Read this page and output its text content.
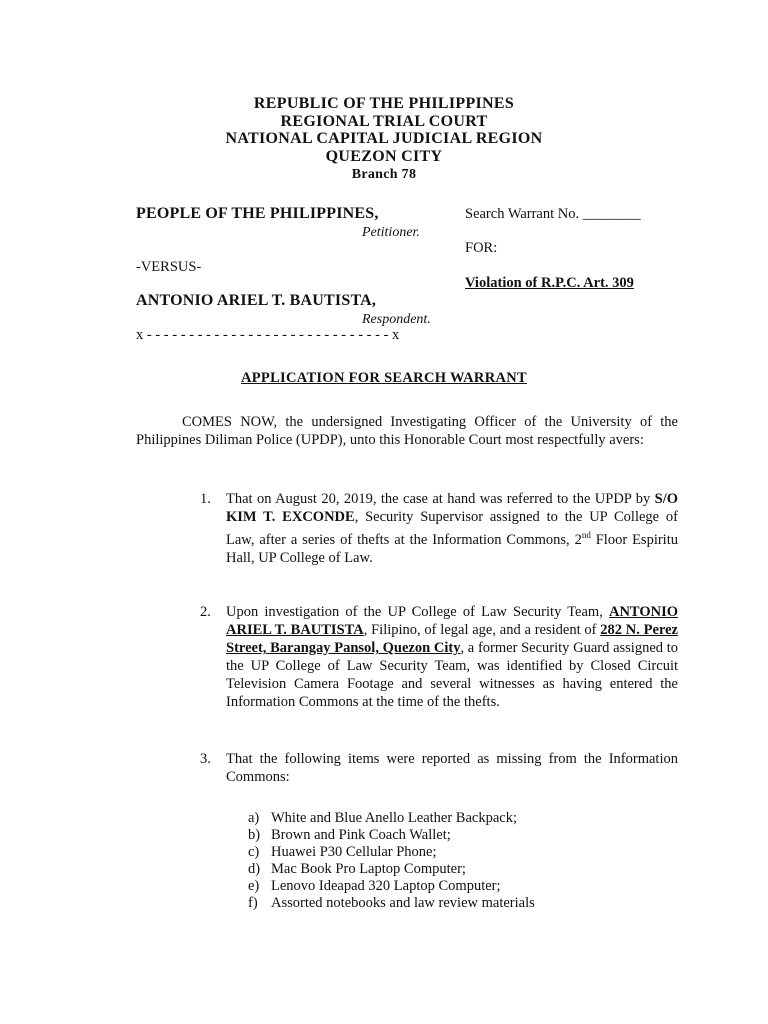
REPUBLIC OF THE PHILIPPINES
REGIONAL TRIAL COURT
NATIONAL CAPITAL JUDICIAL REGION
QUEZON CITY
Branch 78
PEOPLE OF THE PHILIPPINES,
Petitioner.
-VERSUS-
ANTONIO ARIEL T. BAUTISTA,
Respondent.
x - - - - - - - - - - - - - - - - - - - - - - - - - - - - - x
Search Warrant No. ________
FOR:
Violation of R.P.C. Art. 309
APPLICATION FOR SEARCH WARRANT
COMES NOW, the undersigned Investigating Officer of the University of the Philippines Diliman Police (UPDP), unto this Honorable Court most respectfully avers:
1. That on August 20, 2019, the case at hand was referred to the UPDP by S/O KIM T. EXCONDE, Security Supervisor assigned to the UP College of Law, after a series of thefts at the Information Commons, 2nd Floor Espiritu Hall, UP College of Law.
2. Upon investigation of the UP College of Law Security Team, ANTONIO ARIEL T. BAUTISTA, Filipino, of legal age, and a resident of 282 N. Perez Street, Barangay Pansol, Quezon City, a former Security Guard assigned to the UP College of Law Security Team, was identified by Closed Circuit Television Camera Footage and several witnesses as having entered the Information Commons at the time of the thefts.
3. That the following items were reported as missing from the Information Commons:
a) White and Blue Anello Leather Backpack;
b) Brown and Pink Coach Wallet;
c) Huawei P30 Cellular Phone;
d) Mac Book Pro Laptop Computer;
e) Lenovo Ideapad 320 Laptop Computer;
f) Assorted notebooks and law review materials
